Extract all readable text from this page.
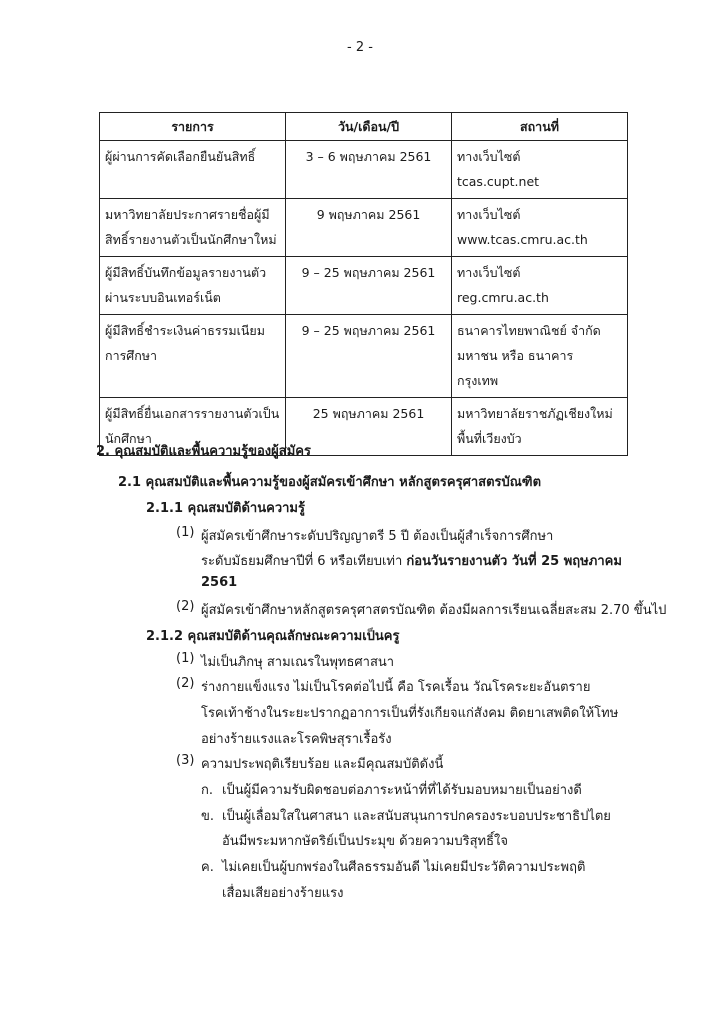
- 2 -
รายการ	วัน/เดือน/ปี	สถานที่

ผู้ผ่านการคัดเลือกยืนยันสิทธิ์	3 – 6 พฤษภาคม 2561	ทางเว็บไซต์
tcas.cupt.net

มหาวิทยาลัยประกาศรายชื่อผู้มี
สิทธิ์รายงานตัวเป็นนักศึกษาใหม่	9 พฤษภาคม 2561	ทางเว็บไซต์
www.tcas.cmru.ac.th

ผู้มีสิทธิ์บันทึกข้อมูลรายงานตัว
ผ่านระบบอินเทอร์เน็ต	9 – 25 พฤษภาคม 2561	ทางเว็บไซต์
reg.cmru.ac.th

ผู้มีสิทธิ์ชำระเงินค่าธรรมเนียม
การศึกษา	9 – 25 พฤษภาคม 2561	ธนาคารไทยพาณิชย์ จำกัด
มหาชน หรือ ธนาคาร
กรุงเทพ

ผู้มีสิทธิ์ยื่นเอกสารรายงานตัวเป็น
นักศึกษา	25 พฤษภาคม 2561	มหาวิทยาลัยราชภัฏเชียงใหม่
พื้นที่เวียงบัว
2. คุณสมบัติและพื้นความรู้ของผู้สมัคร
2.1 คุณสมบัติและพื้นความรู้ของผู้สมัครเข้าศึกษา หลักสูตรครุศาสตรบัณฑิต
2.1.1 คุณสมบัติด้านความรู้
(1) ผู้สมัครเข้าศึกษาระดับปริญญาตรี 5 ปี ต้องเป็นผู้สำเร็จการศึกษา
ระดับมัธยมศึกษาปีที่ 6 หรือเทียบเท่า ก่อนวันรายงานตัว วันที่ 25 พฤษภาคม
2561
(2) ผู้สมัครเข้าศึกษาหลักสูตรครุศาสตรบัณฑิต ต้องมีผลการเรียนเฉลี่ยสะสม 2.70 ขึ้นไป
2.1.2 คุณสมบัติด้านคุณลักษณะความเป็นครู
(1) ไม่เป็นภิกษุ สามเณรในพุทธศาสนา
(2) ร่างกายแข็งแรง ไม่เป็นโรคต่อไปนี้ คือ โรคเรื้อน วัณโรคระยะอันตราย
โรคเท้าช้างในระยะปรากฏอาการเป็นที่รังเกียจแก่สังคม ติดยาเสพติดให้โทษ
อย่างร้ายแรงและโรคพิษสุราเรื้อรัง
(3) ความประพฤติเรียบร้อย และมีคุณสมบัติดังนี้
ก. เป็นผู้มีความรับผิดชอบต่อภาระหน้าที่ที่ได้รับมอบหมายเป็นอย่างดี
ข. เป็นผู้เลื่อมใสในศาสนา และสนับสนุนการปกครองระบอบประชาธิปไตย
อันมีพระมหากษัตริย์เป็นประมุข ด้วยความบริสุทธิ์ใจ
ค. ไม่เคยเป็นผู้บกพร่องในศีลธรรมอันดี ไม่เคยมีประวัติความประพฤติ
เสื่อมเสียอย่างร้ายแรง
